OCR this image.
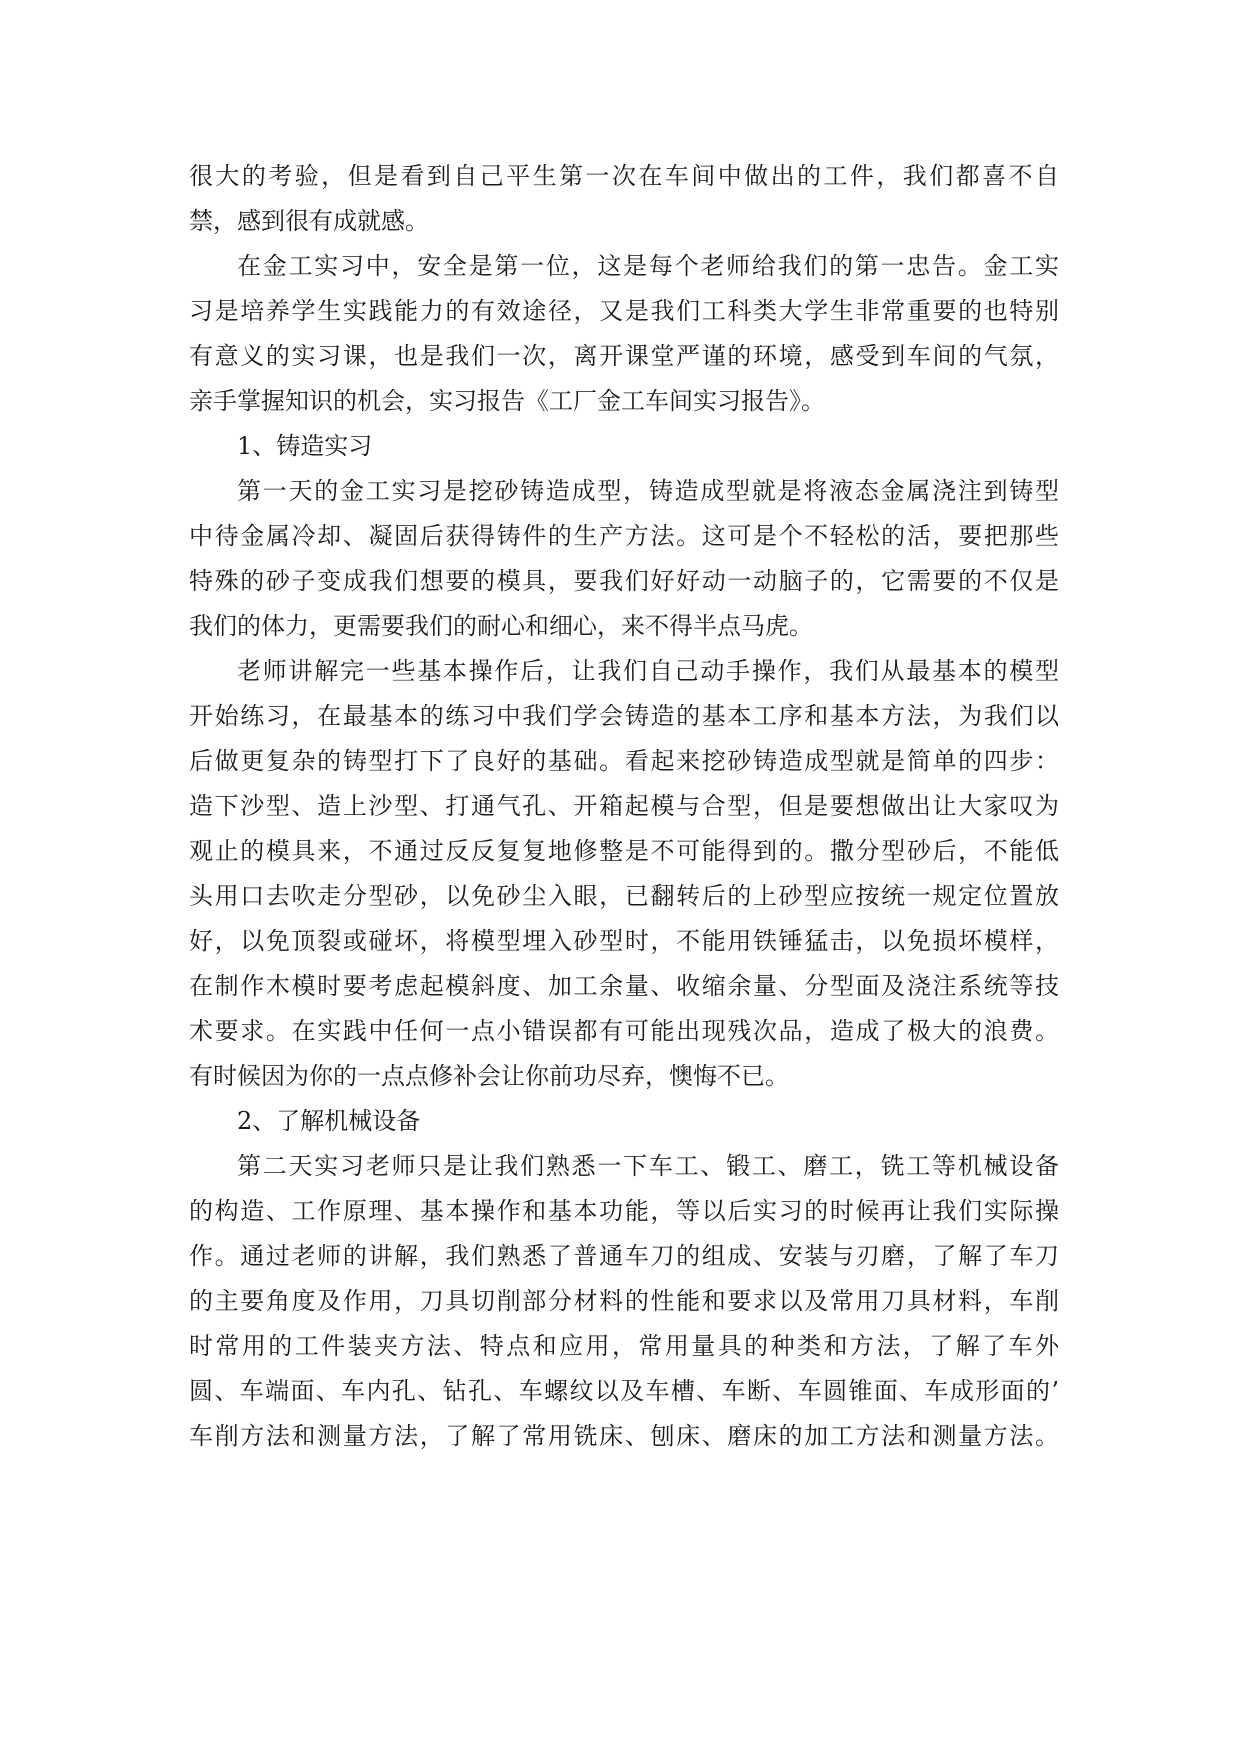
很大的考验，但是看到自己平生第一次在车间中做出的工件，我们都喜不自
禁，感到很有成就感。
在金工实习中，安全是第一位，这是每个老师给我们的第一忠告。金工实
习是培养学生实践能力的有效途径，又是我们工科类大学生非常重要的也特别
有意义的实习课，也是我们一次，离开课堂严谨的环境，感受到车间的气氛，
亲手掌握知识的机会，实习报告《工厂金工车间实习报告》。
1、铸造实习
第一天的金工实习是挖砂铸造成型，铸造成型就是将液态金属浇注到铸型
中待金属冷却、凝固后获得铸件的生产方法。这可是个不轻松的活，要把那些
特殊的砂子变成我们想要的模具，要我们好好动一动脑子的，它需要的不仅是
我们的体力，更需要我们的耐心和细心，来不得半点马虎。
老师讲解完一些基本操作后，让我们自己动手操作，我们从最基本的模型
开始练习，在最基本的练习中我们学会铸造的基本工序和基本方法，为我们以
后做更复杂的铸型打下了良好的基础。看起来挖砂铸造成型就是简单的四步：
造下沙型、造上沙型、打通气孔、开箱起模与合型，但是要想做出让大家叹为
观止的模具来，不通过反反复复地修整是不可能得到的。撒分型砂后，不能低
头用口去吹走分型砂，以免砂尘入眼，已翻转后的上砂型应按统一规定位置放
好，以免顶裂或碰坏，将模型埋入砂型时，不能用铁锤猛击，以免损坏模样，
在制作木模时要考虑起模斜度、加工余量、收缩余量、分型面及浇注系统等技
术要求。在实践中任何一点小错误都有可能出现残次品，造成了极大的浪费。
有时候因为你的一点点修补会让你前功尽弃，懊悔不已。
2、了解机械设备
第二天实习老师只是让我们熟悉一下车工、锻工、磨工，铣工等机械设备
的构造、工作原理、基本操作和基本功能，等以后实习的时候再让我们实际操
作。通过老师的讲解，我们熟悉了普通车刀的组成、安装与刃磨，了解了车刀
的主要角度及作用，刀具切削部分材料的性能和要求以及常用刀具材料，车削
时常用的工件装夹方法、特点和应用，常用量具的种类和方法，了解了车外
圆、车端面、车内孔、钻孔、车螺纹以及车槽、车断、车圆锥面、车成形面的’
车削方法和测量方法，了解了常用铣床、刨床、磨床的加工方法和测量方法。
